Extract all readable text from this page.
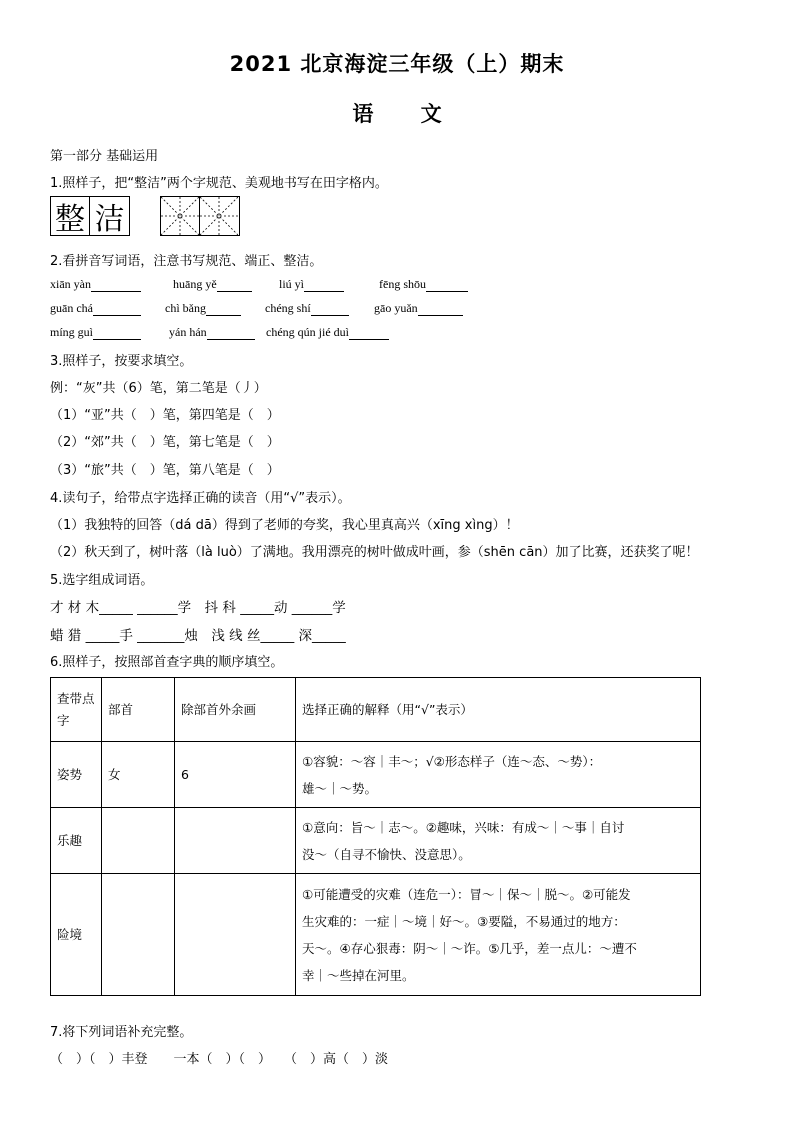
2021 北京海淀三年级（上）期末
语 文
第一部分 基础运用
1.照样子，把“整洁”两个字规范、美观地书写在田字格内。
整 洁
2.看拼音写词语，注意书写规范、端正、整洁。
xiān yàn	huāng yě	liú yì	fēng shōu
guān chá	chì bǎng	chéng shí	gāo yuǎn
míng guì	yán hán	chéng qún jié duì
3.照样子，按要求填空。
例：“灰”共（6）笔，第二笔是（丿）
（1）“亚”共（　）笔，第四笔是（　）
（2）“郊”共（　）笔，第七笔是（　）
（3）“旅”共（　）笔，第八笔是（　）
4.读句子，给带点字选择正确的读音（用“√”表示）。
（1）我独特的回答（dá dā）得到了老师的夸奖，我心里真高兴（xīng xìng）！
（2）秋天到了，树叶落（là luò）了满地。我用漂亮的树叶做成叶画，参（shēn cān）加了比赛，还获奖了呢！
5.选字组成词语。
才 材 木_____ ______学　抖 科 _____动 ______学
蜡 猎 _____手 _______烛　浅 线 丝_____ 深_____
6.照样子，按照部首查字典的顺序填空。
查带点字	部首	除部首外余画	选择正确的解释（用“√”表示）
姿势	女	6	①容貌：～容｜丰～；√②形态样子（连～态、～势）：
雄～｜～势。

乐趣			①意向：旨～｜志～。②趣味，兴味：有成～｜～事｜自讨
没～（自寻不愉快、没意思）。

险境			①可能遭受的灾难（连危一）：冒～｜保～｜脱～。②可能发
生灾难的：一症｜～境｜好～。③要隘，不易通过的地方：
天～。④存心狠毒：阴～｜～诈。⑤几乎，差一点儿：～遭不
幸｜～些掉在河里。
7.将下列词语补充完整。
（　）（　）丰登　　一本（　）（　）　　（　）高（　）淡
